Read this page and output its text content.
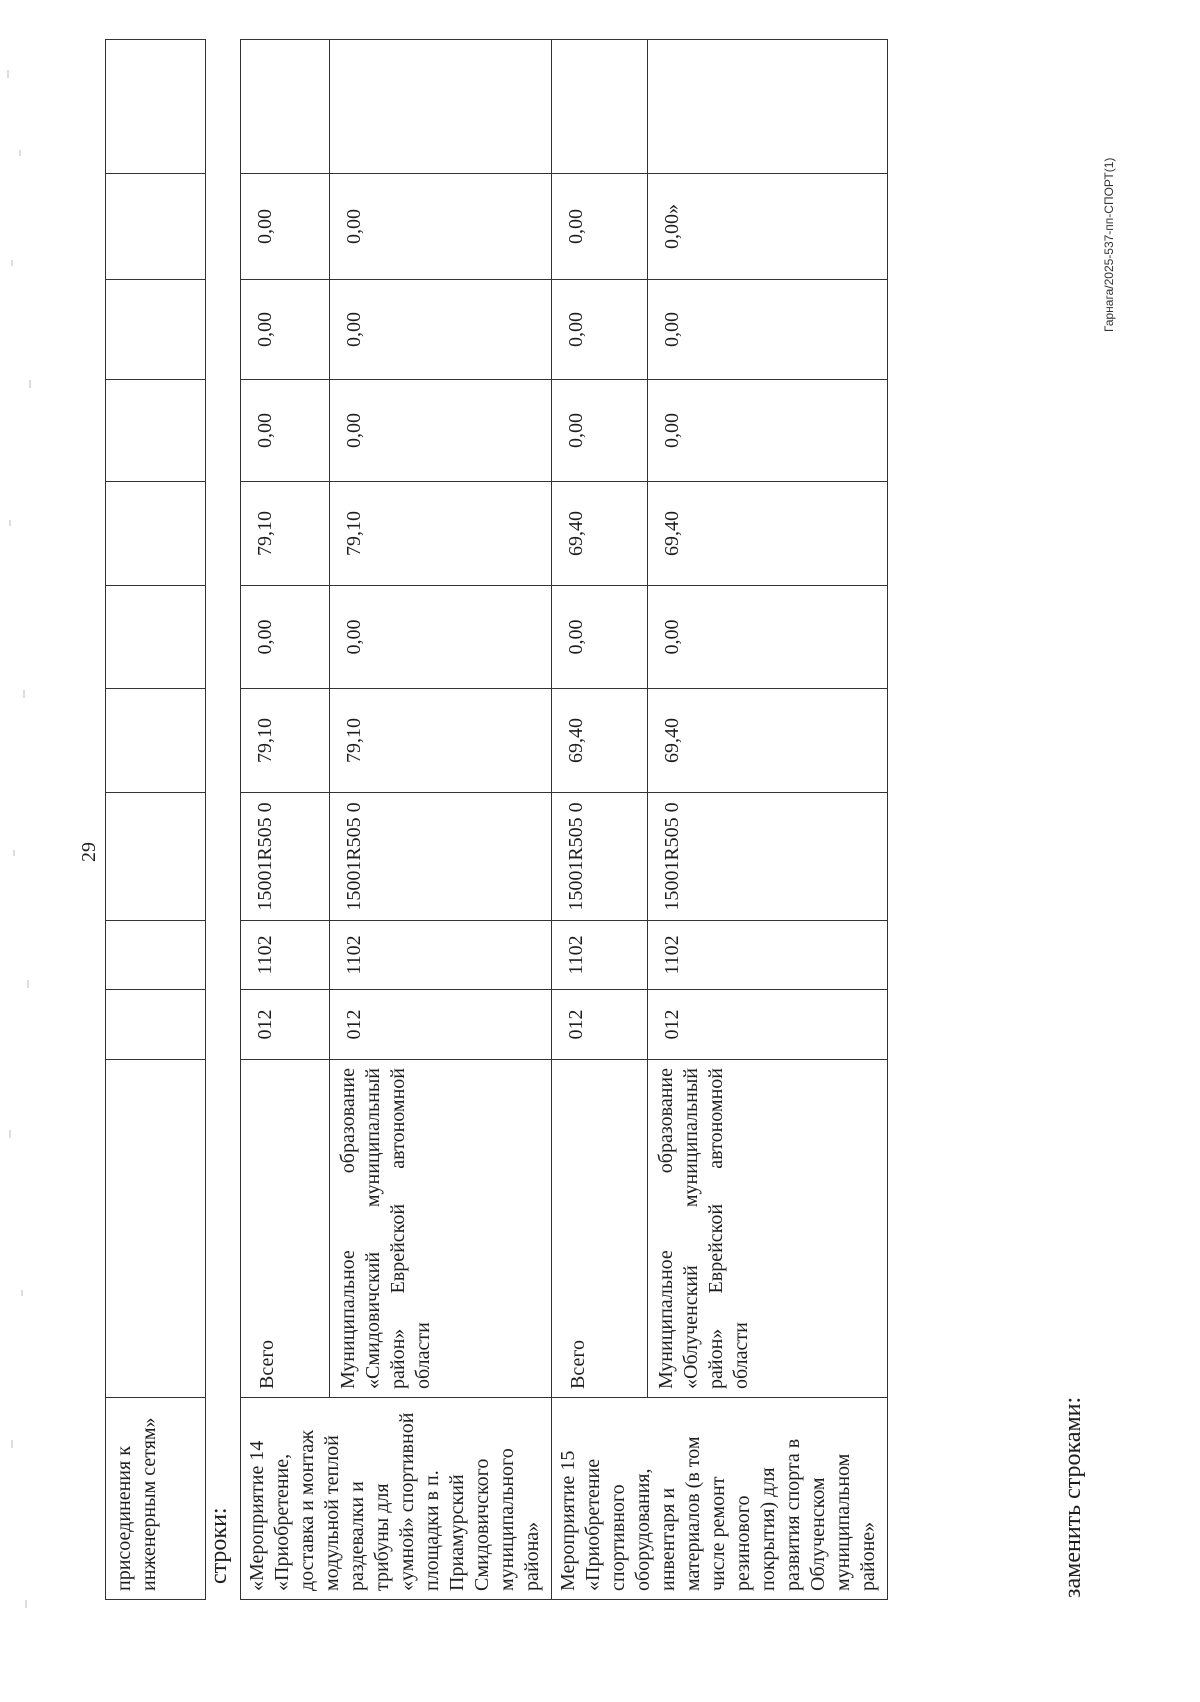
29
Гарнага/2025-537-пп-СПОРТ(1)
присоединения к инженерным сетям»											строки: «Мероприятие 14 «Приобретение, доставка и монтаж модульной теплой раздевалки и трибуны для «умной» спортивной площадки в п. Приамурский Смидовичского муниципального района»	Всего	012	1102	15001R505 0	79,10	0,00	79,10	0,00	0,00	0,00	
	Муниципальное образование «Смидовичский муниципальный район» Еврейской автономной области	012	1102	15001R505 0	79,10	0,00	79,10	0,00	0,00	0,00	
Мероприятие 15 «Приобретение спортивного оборудования, инвентаря и материалов (в том числе ремонт резинового покрытия) для развития спорта в Облученском муниципальном районе»	Всего	012	1102	15001R505 0	69,40	0,00	69,40	0,00	0,00	0,00	
	Муниципальное образование «Облученский муниципальный район» Еврейской автономной области	012	1102	15001R505 0	69,40	0,00	69,40	0,00	0,00	0,00»	
заменить строками:
